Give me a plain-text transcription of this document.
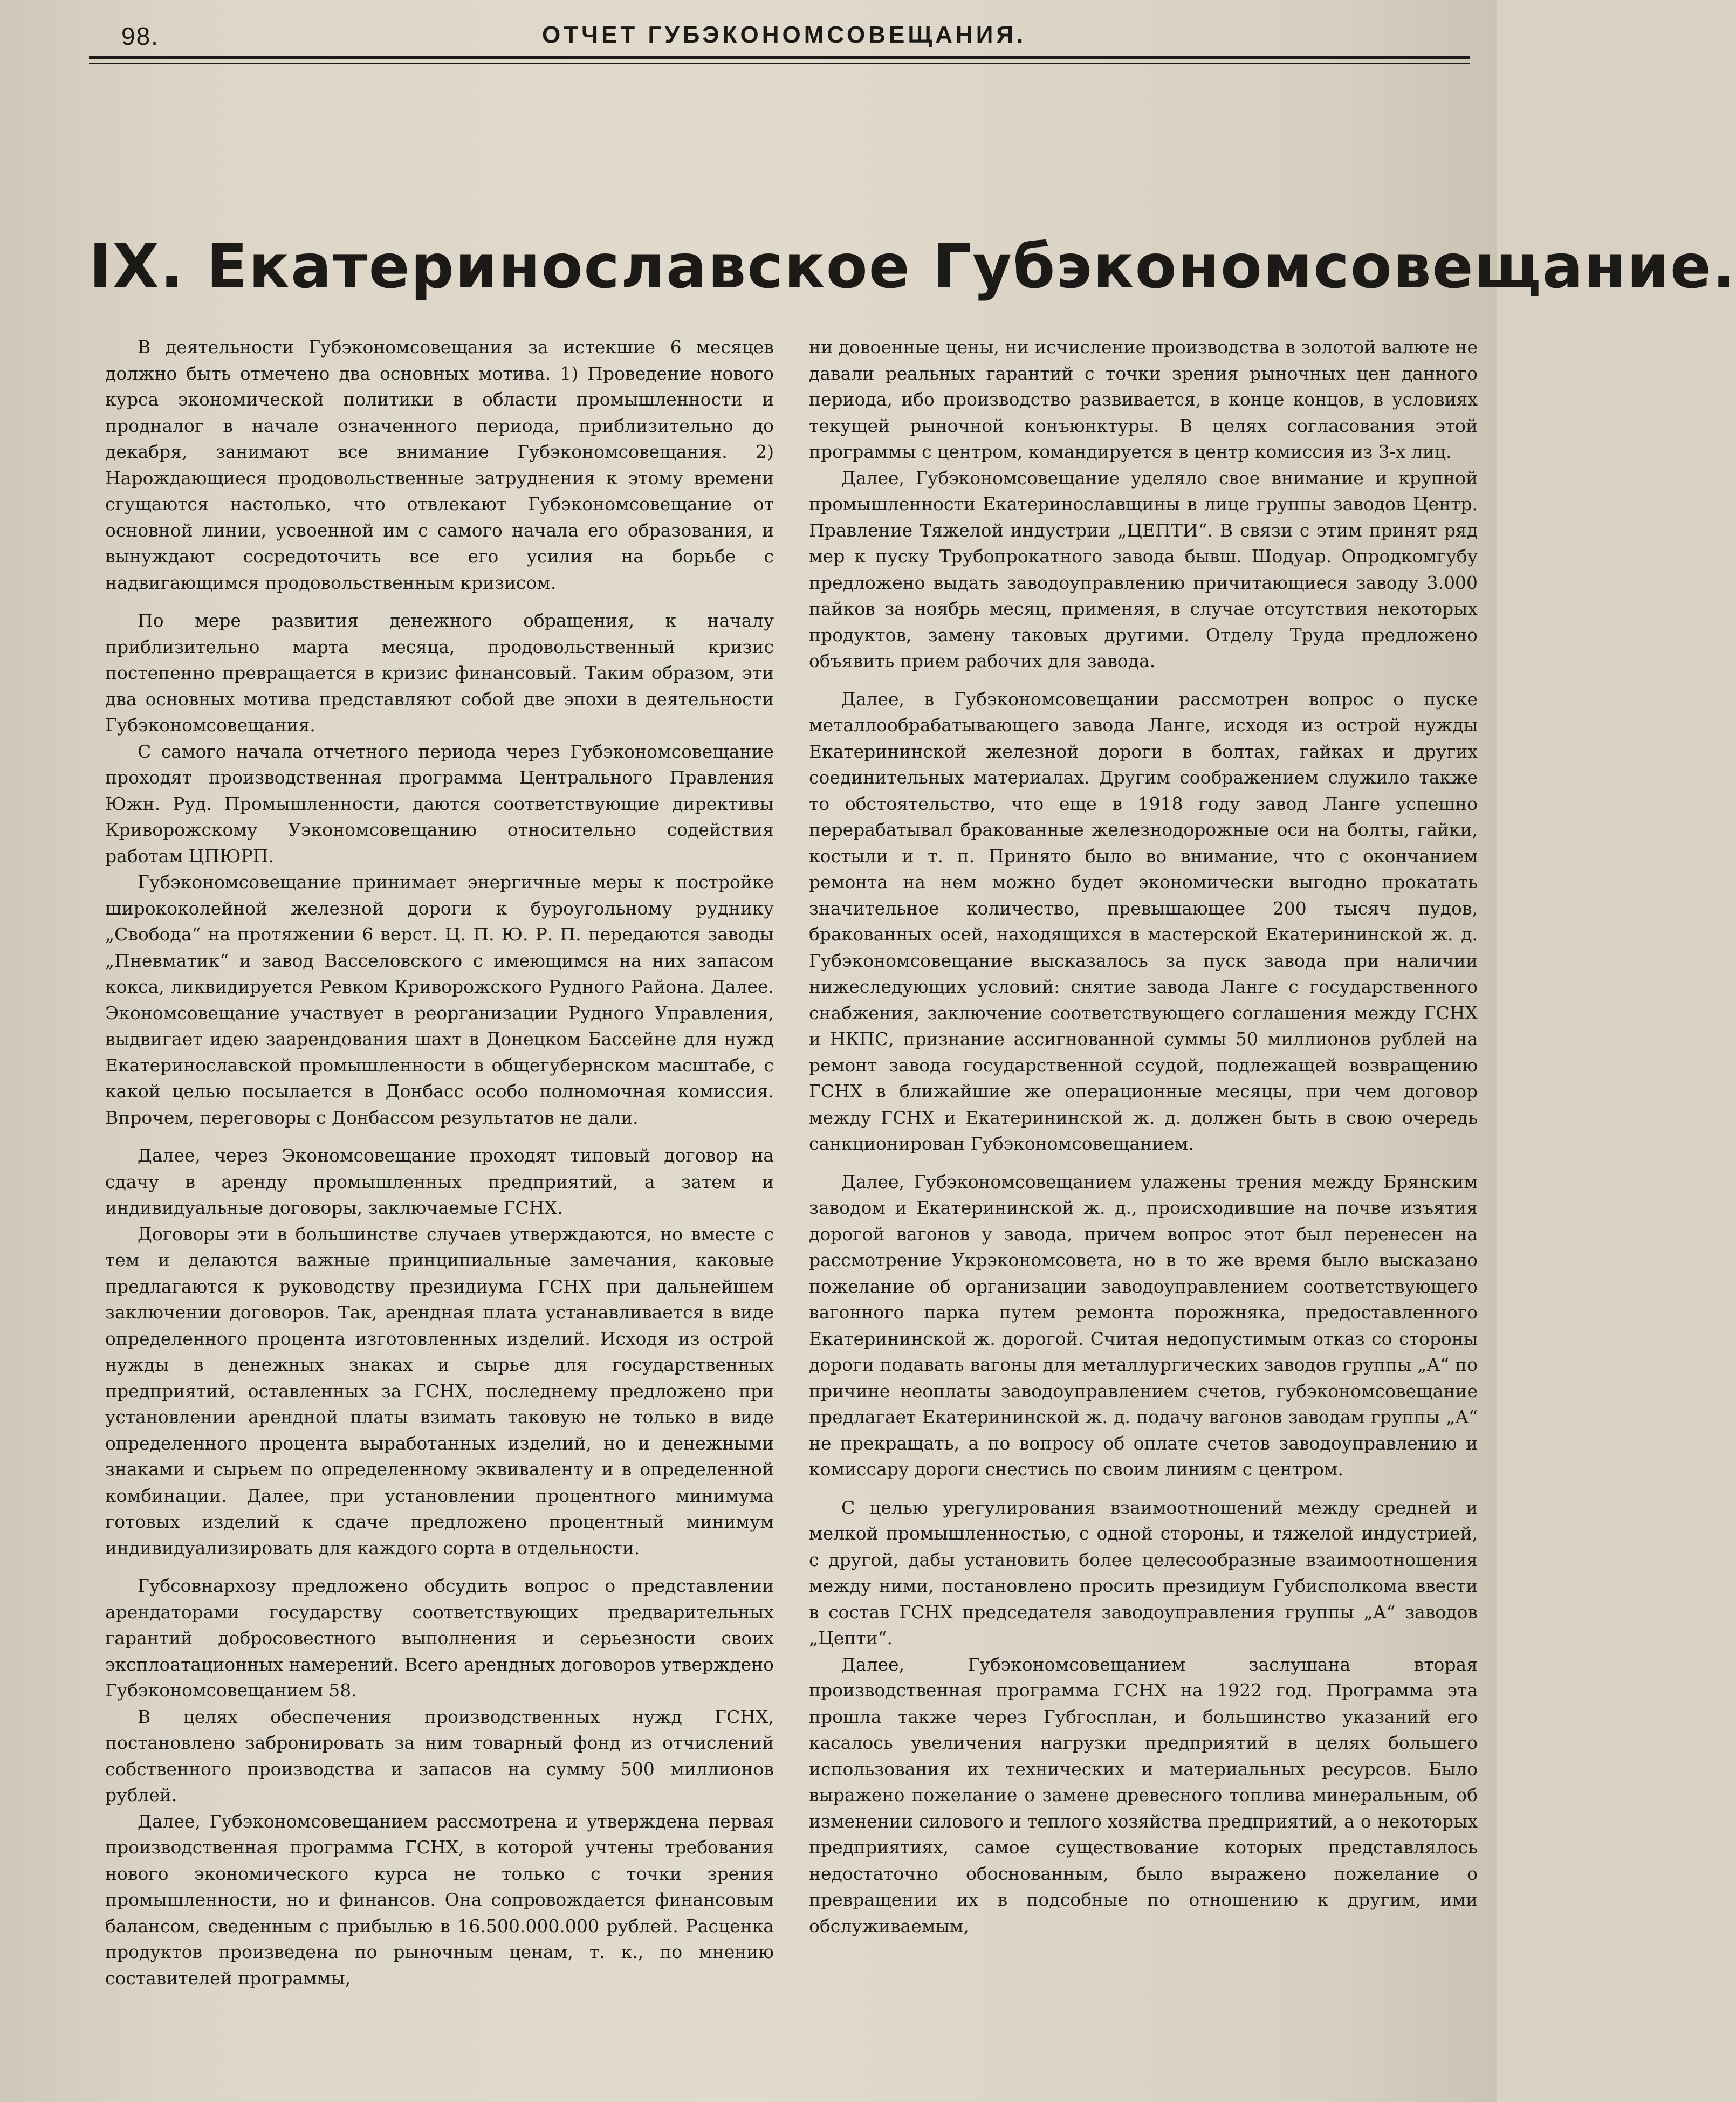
98.	ОТЧЕТ ГУБЭКОНОМСОВЕЩАНИЯ.
IX. Екатеринославское Губэкономсовещание.

В деятельности Губэкономсовещания за истекшие 6 месяцев должно быть отмечено два основных мотива. 1) Проведение нового курса экономической политики в области промышленности и продналог в начале означенного периода, приблизительно до декабря, занимают все внимание Губэкономсовещания. 2) Нарождающиеся продовольственные затруднения к этому времени сгущаются настолько, что отвлекают Губэкономсовещание от основной линии, усвоенной им с самого начала его образования, и вынуждают сосредоточить все его усилия на борьбе с надвигающимся продовольственным кризисом.

По мере развития денежного обращения, к началу приблизительно марта месяца, продовольственный кризис постепенно превращается в кризис финансовый. Таким образом, эти два основных мотива представляют собой две эпохи в деятельности Губэкономсовещания.

С самого начала отчетного периода через Губэкономсовещание проходят производственная программа Центрального Правления Южн. Руд. Промышленности, даются соответствующие директивы Криворожскому Уэкономсовещанию относительно содействия работам ЦПЮРП.

Губэкономсовещание принимает энергичные меры к постройке ширококолейной железной дороги к буроугольному руднику „Свобода“ на протяжении 6 верст. Ц. П. Ю. Р. П. передаются заводы „Пневматик“ и завод Васселовского с имеющимся на них запасом кокса, ликвидируется Ревком Криворожского Рудного Района. Далее. Экономсовещание участвует в реорганизации Рудного Управления, выдвигает идею заарендования шахт в Донецком Бассейне для нужд Екатеринославской промышленности в общегубернском масштабе, с какой целью посылается в Донбасс особо полномочная комиссия. Впрочем, переговоры с Донбассом результатов не дали.

Далее, через Экономсовещание проходят типовый договор на сдачу в аренду промышленных предприятий, а затем и индивидуальные договоры, заключаемые ГСНХ.

Договоры эти в большинстве случаев утверждаются, но вместе с тем и делаются важные принципиальные замечания, каковые предлагаются к руководству президиума ГСНХ при дальнейшем заключении договоров. Так, арендная плата устанавливается в виде определенного процента изготовленных изделий. Исходя из острой нужды в денежных знаках и сырье для государственных предприятий, оставленных за ГСНХ, последнему предложено при установлении арендной платы взимать таковую не только в виде определенного процента выработанных изделий, но и денежными знаками и сырьем по определенному эквиваленту и в определенной комбинации. Далее, при установлении процентного минимума готовых изделий к сдаче предложено процентный минимум индивидуализировать для каждого сорта в отдельности.

Губсовнархозу предложено обсудить вопрос о представлении арендаторами государству соответствующих предварительных гарантий добросовестного выполнения и серьезности своих эксплоатационных намерений. Всего арендных договоров утверждено Губэкономсовещанием 58.

В целях обеспечения производственных нужд ГСНХ, постановлено забронировать за ним товарный фонд из отчислений собственного производства и запасов на сумму 500 миллионов рублей.

Далее, Губэкономсовещанием рассмотрена и утверждена первая производственная программа ГСНХ, в которой учтены требования нового экономического курса не только с точки зрения промышленности, но и финансов. Она сопровождается финансовым балансом, сведенным с прибылью в 16.500.000.000 рублей. Расценка продуктов произведена по рыночным ценам, т. к., по мнению составителей программы,

ни довоенные цены, ни исчисление производства в золотой валюте не давали реальных гарантий с точки зрения рыночных цен данного периода, ибо производство развивается, в конце концов, в условиях текущей рыночной конъюнктуры. В целях согласования этой программы с центром, командируется в центр комиссия из 3-х лиц.

Далее, Губэкономсовещание уделяло свое внимание и крупной промышленности Екатеринославщины в лице группы заводов Центр. Правление Тяжелой индустрии „ЦЕПТИ“. В связи с этим принят ряд мер к пуску Трубопрокатного завода бывш. Шодуар. Опродкомгубу предложено выдать заводоуправлению причитающиеся заводу 3.000 пайков за ноябрь месяц, применяя, в случае отсутствия некоторых продуктов, замену таковых другими. Отделу Труда предложено объявить прием рабочих для завода.

Далее, в Губэкономсовещании рассмотрен вопрос о пуске металлообрабатывающего завода Ланге, исходя из острой нужды Екатерининской железной дороги в болтах, гайках и других соединительных материалах. Другим соображением служило также то обстоятельство, что еще в 1918 году завод Ланге успешно перерабатывал бракованные железнодорожные оси на болты, гайки, костыли и т. п. Принято было во внимание, что с окончанием ремонта на нем можно будет экономически выгодно прокатать значительное количество, превышающее 200 тысяч пудов, бракованных осей, находящихся в мастерской Екатерининской ж. д. Губэкономсовещание высказалось за пуск завода при наличии нижеследующих условий: снятие завода Ланге с государственного снабжения, заключение соответствующего соглашения между ГСНХ и НКПС, признание ассигнованной суммы 50 миллионов рублей на ремонт завода государственной ссудой, подлежащей возвращению ГСНХ в ближайшие же операционные месяцы, при чем договор между ГСНХ и Екатерининской ж. д. должен быть в свою очередь санкционирован Губэкономсовещанием.

Далее, Губэкономсовещанием улажены трения между Брянским заводом и Екатерининской ж. д., происходившие на почве изъятия дорогой вагонов у завода, причем вопрос этот был перенесен на рассмотрение Укрэкономсовета, но в то же время было высказано пожелание об организации заводоуправлением соответствующего вагонного парка путем ремонта порожняка, предоставленного Екатерининской ж. дорогой. Считая недопустимым отказ со стороны дороги подавать вагоны для металлургических заводов группы „А“ по причине неоплаты заводоуправлением счетов, губэкономсовещание предлагает Екатерининской ж. д. подачу вагонов заводам группы „А“ не прекращать, а по вопросу об оплате счетов заводоуправлению и комиссару дороги снестись по своим линиям с центром.

С целью урегулирования взаимоотношений между средней и мелкой промышленностью, с одной стороны, и тяжелой индустрией, с другой, дабы установить более целесообразные взаимоотношения между ними, постановлено просить президиум Губисполкома ввести в состав ГСНХ председателя заводоуправления группы „А“ заводов „Цепти“.

Далее, Губэкономсовещанием заслушана вторая производственная программа ГСНХ на 1922 год. Программа эта прошла также через Губгосплан, и большинство указаний его касалось увеличения нагрузки предприятий в целях большего использования их технических и материальных ресурсов. Было выражено пожелание о замене древесного топлива минеральным, об изменении силового и теплого хозяйства предприятий, а о некоторых предприятиях, самое существование которых представлялось недостаточно обоснованным, было выражено пожелание о превращении их в подсобные по отношению к другим, ими обслуживаемым,
